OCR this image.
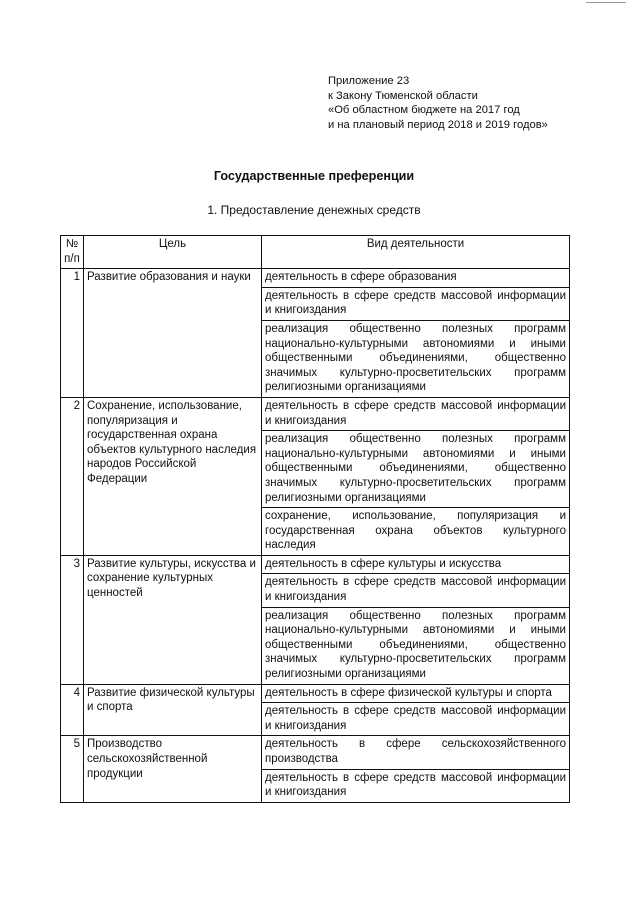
Приложение 23
к Закону Тюменской области
«Об областном бюджете на 2017 год
и на плановый период 2018 и 2019 годов»
Государственные преференции
1. Предоставление денежных средств
№ п/п	Цель	Вид деятельности
1	Развитие образования и науки	деятельность в сфере образования
		деятельность в сфере средств массовой информации и книгоиздания
		реализация общественно полезных программ национально-культурными автономиями и иными общественными объединениями, общественно значимых культурно-просветительских программ религиозными организациями
2	Сохранение, использование, популяризация и государственная охрана объектов культурного наследия народов Российской Федерации	деятельность в сфере средств массовой информации и книгоиздания
		реализация общественно полезных программ национально-культурными автономиями и иными общественными объединениями, общественно значимых культурно-просветительских программ религиозными организациями
		сохранение, использование, популяризация и государственная охрана объектов культурного наследия
3	Развитие культуры, искусства и сохранение культурных ценностей	деятельность в сфере культуры и искусства
		деятельность в сфере средств массовой информации и книгоиздания
		реализация общественно полезных программ национально-культурными автономиями и иными общественными объединениями, общественно значимых культурно-просветительских программ религиозными организациями
4	Развитие физической культуры и спорта	деятельность в сфере физической культуры и спорта
		деятельность в сфере средств массовой информации и книгоиздания
5	Производство сельскохозяйственной продукции	деятельность в сфере сельскохозяйственного производства
		деятельность в сфере средств массовой информации и книгоиздания
